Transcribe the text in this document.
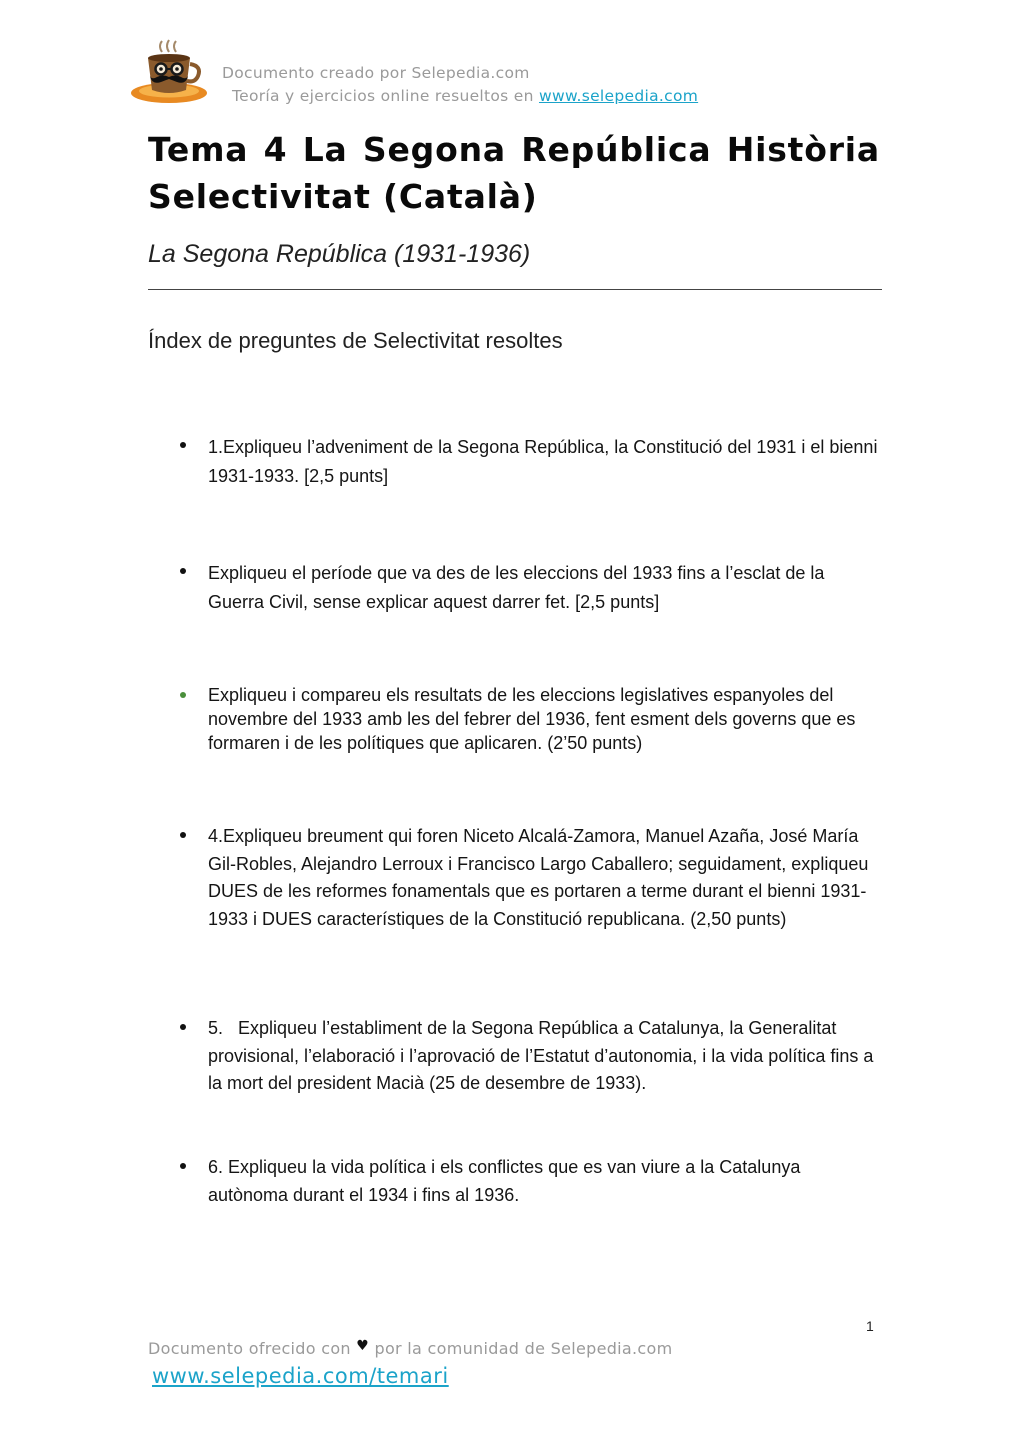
Documento creado por Selepedia.com
Teoría y ejercicios online resueltos en www.selepedia.com
Tema 4 La Segona República Història
Selectivitat (Català)
La Segona República (1931-1936)
Índex de preguntes de Selectivitat resoltes
1.Expliqueu l’adveniment de la Segona República, la Constitució del 1931 i el bienni 1931-1933. [2,5 punts]
Expliqueu el període que va des de les eleccions del 1933 fins a l’esclat de la Guerra Civil, sense explicar aquest darrer fet. [2,5 punts]
Expliqueu i compareu els resultats de les eleccions legislatives espanyoles del novembre del 1933 amb les del febrer del 1936, fent esment dels governs que es formaren i de les polítiques que aplicaren. (2’50 punts)
4.Expliqueu breument qui foren Niceto Alcalá-Zamora, Manuel Azaña, José María Gil-Robles, Alejandro Lerroux i Francisco Largo Caballero; seguidament, expliqueu DUES de les reformes fonamentals que es portaren a terme durant el bienni 1931-1933 i DUES característiques de la Constitució republicana. (2,50 punts)
5.   Expliqueu l’establiment de la Segona República a Catalunya, la Generalitat provisional, l’elaboració i l’aprovació de l’Estatut d’autonomia, i la vida política fins a la mort del president Macià (25 de desembre de 1933).
6. Expliqueu la vida política i els conflictes que es van viure a la Catalunya autònoma durant el 1934 i fins al 1936.
1
Documento ofrecido con ♥ por la comunidad de Selepedia.com
www.selepedia.com/temari
